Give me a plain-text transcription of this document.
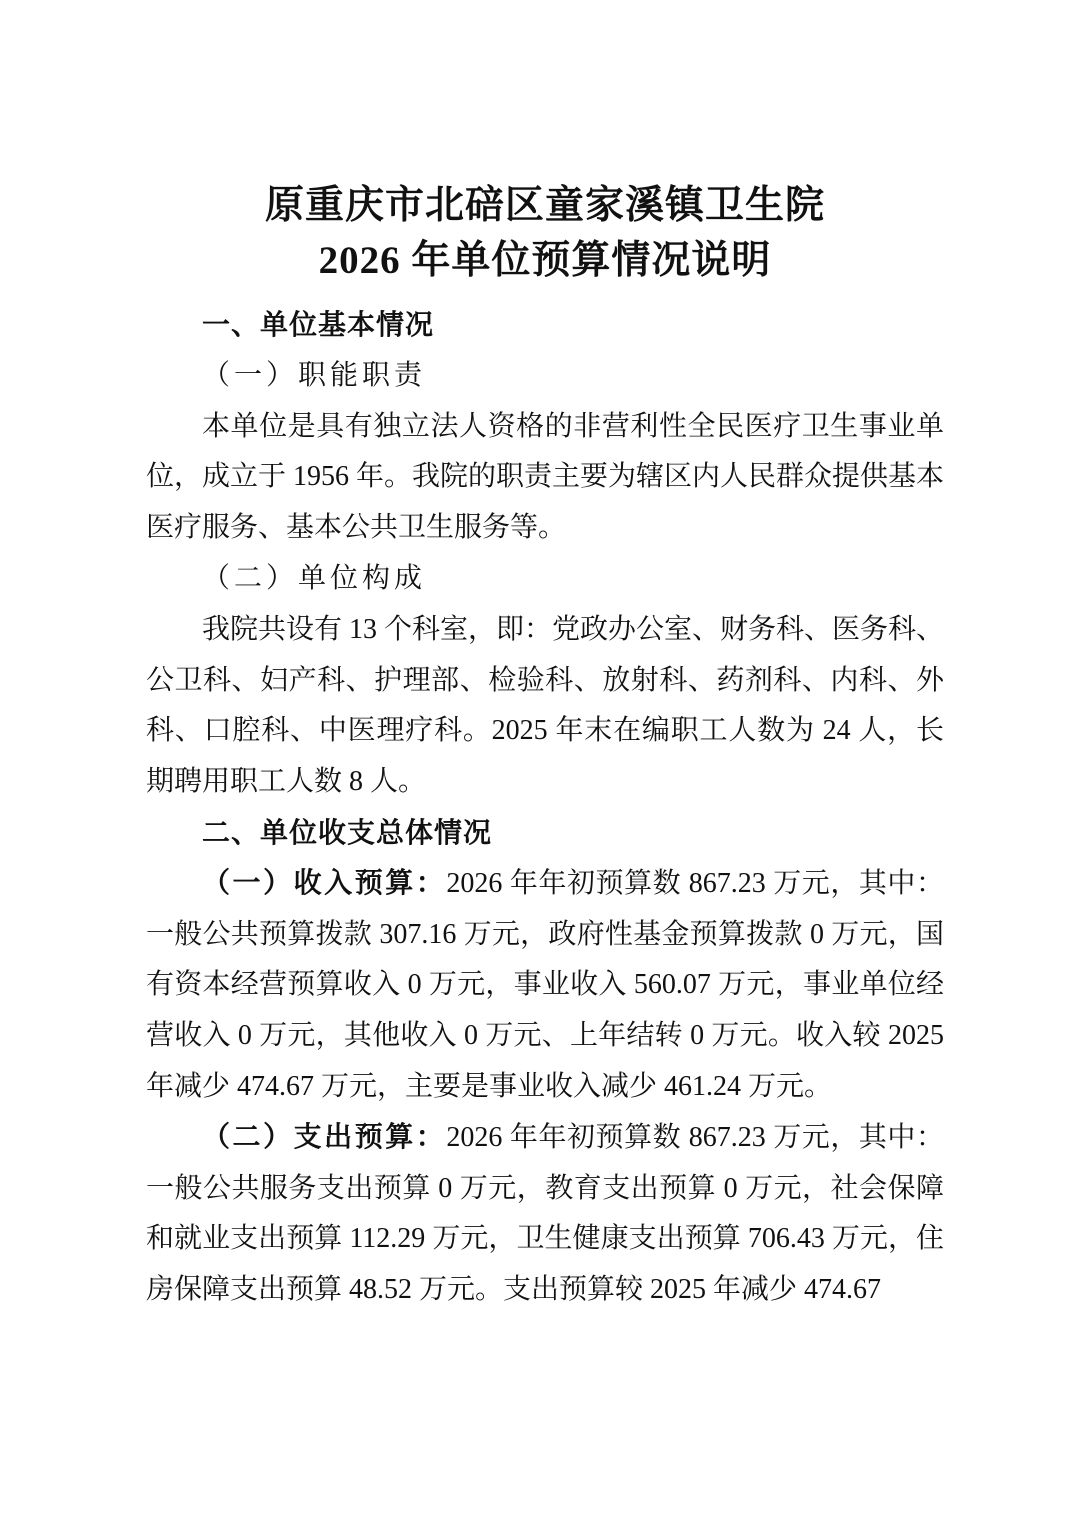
原重庆市北碚区童家溪镇卫生院
2026 年单位预算情况说明
一、单位基本情况
（一）职能职责

本单位是具有独立法人资格的非营利性全民医疗卫生事业单位，成立于 1956 年。我院的职责主要为辖区内人民群众提供基本医疗服务、基本公共卫生服务等。

（二）单位构成

我院共设有 13 个科室，即：党政办公室、财务科、医务科、公卫科、妇产科、护理部、检验科、放射科、药剂科、内科、外科、口腔科、中医理疗科。2025 年末在编职工人数为 24 人，长期聘用职工人数 8 人。

二、单位收支总体情况

（一）收入预算：2026 年年初预算数 867.23 万元，其中：一般公共预算拨款 307.16 万元，政府性基金预算拨款 0 万元，国有资本经营预算收入 0 万元，事业收入 560.07 万元，事业单位经营收入 0 万元，其他收入 0 万元、上年结转 0 万元。收入较 2025 年减少 474.67 万元，主要是事业收入减少 461.24 万元。

（二）支出预算：2026 年年初预算数 867.23 万元，其中：一般公共服务支出预算 0 万元，教育支出预算 0 万元，社会保障和就业支出预算 112.29 万元，卫生健康支出预算 706.43 万元，住房保障支出预算 48.52 万元。支出预算较 2025 年减少 474.67
